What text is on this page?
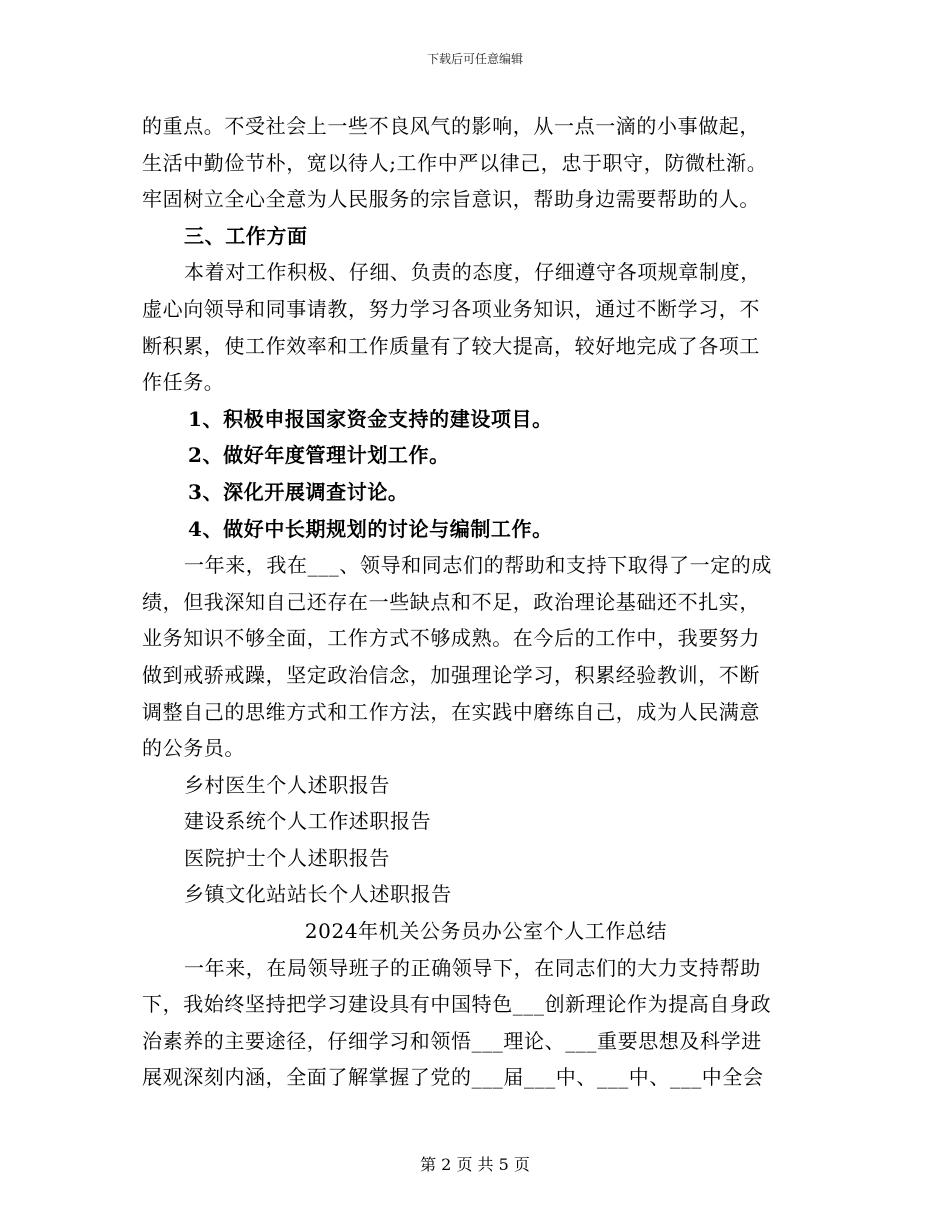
下载后可任意编辑
的重点。不受社会上一些不良风气的影响，从一点一滴的小事做起，
生活中勤俭节朴，宽以待人;工作中严以律己，忠于职守，防微杜渐。
牢固树立全心全意为人民服务的宗旨意识，帮助身边需要帮助的人。
三、工作方面
本着对工作积极、仔细、负责的态度，仔细遵守各项规章制度，
虚心向领导和同事请教，努力学习各项业务知识，通过不断学习，不
断积累，使工作效率和工作质量有了较大提高，较好地完成了各项工
作任务。
1、积极申报国家资金支持的建设项目。
2、做好年度管理计划工作。
3、深化开展调查讨论。
4、做好中长期规划的讨论与编制工作。
一年来，我在___、领导和同志们的帮助和支持下取得了一定的成
绩，但我深知自己还存在一些缺点和不足，政治理论基础还不扎实，
业务知识不够全面，工作方式不够成熟。在今后的工作中，我要努力
做到戒骄戒躁，坚定政治信念，加强理论学习，积累经验教训，不断
调整自己的思维方式和工作方法，在实践中磨练自己，成为人民满意
的公务员。
乡村医生个人述职报告
建设系统个人工作述职报告
医院护士个人述职报告
乡镇文化站站长个人述职报告
2024年机关公务员办公室个人工作总结
一年来，在局领导班子的正确领导下，在同志们的大力支持帮助
下，我始终坚持把学习建设具有中国特色___创新理论作为提高自身政
治素养的主要途径，仔细学习和领悟___理论、___重要思想及科学进
展观深刻内涵，全面了解掌握了党的___届___中、___中、___中全会
第 2 页 共 5 页
